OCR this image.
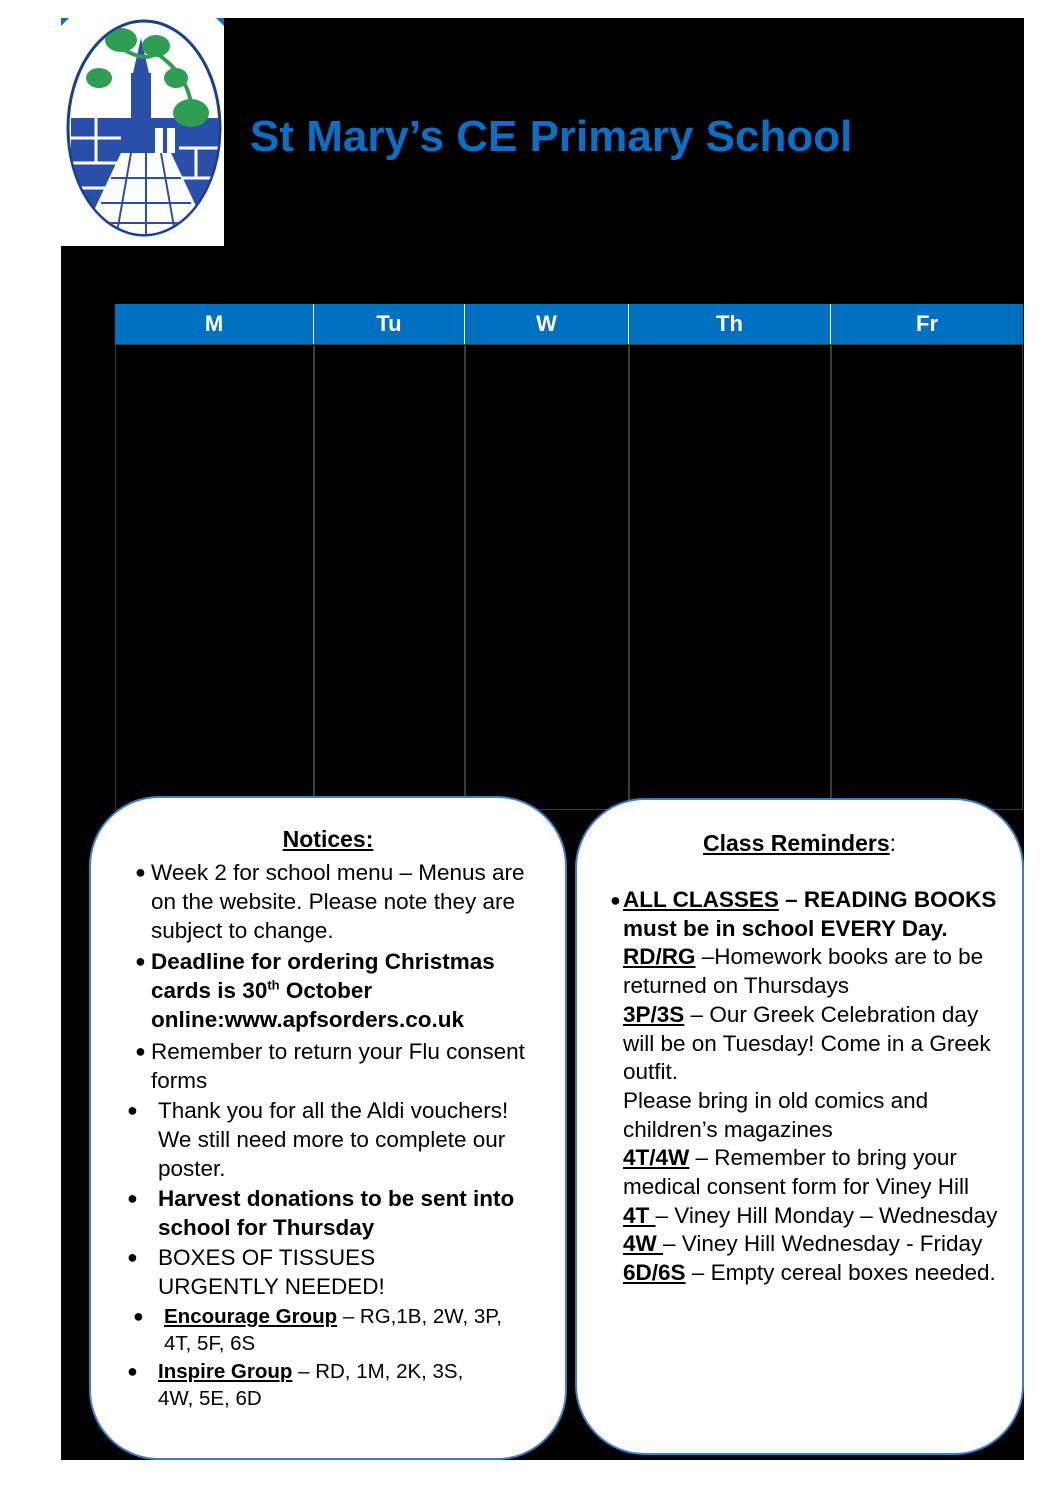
St Mary’s CE Primary School
M	Tu	W	Th	Fr
Notices:
● Week 2 for school menu – Menus are on the website. Please note they are subject to change.
● Deadline for ordering Christmas cards is 30th October online:www.apfsorders.co.uk
● Remember to return your Flu consent forms
● Thank you for all the Aldi vouchers! We still need more to complete our poster.
● Harvest donations to be sent into school for Thursday
● BOXES OF TISSUES URGENTLY NEEDED!
● Encourage Group – RG,1B, 2W, 3P, 4T, 5F, 6S
● Inspire Group – RD, 1M, 2K, 3S, 4W, 5E, 6D
Class Reminders:
● ALL CLASSES – READING BOOKS must be in school EVERY Day.
RD/RG –Homework books are to be returned on Thursdays
3P/3S – Our Greek Celebration day will be on Tuesday! Come in a Greek outfit.
Please bring in old comics and children’s magazines
4T/4W – Remember to bring your medical consent form for Viney Hill
4T – Viney Hill Monday – Wednesday
4W – Viney Hill Wednesday - Friday
6D/6S – Empty cereal boxes needed.
